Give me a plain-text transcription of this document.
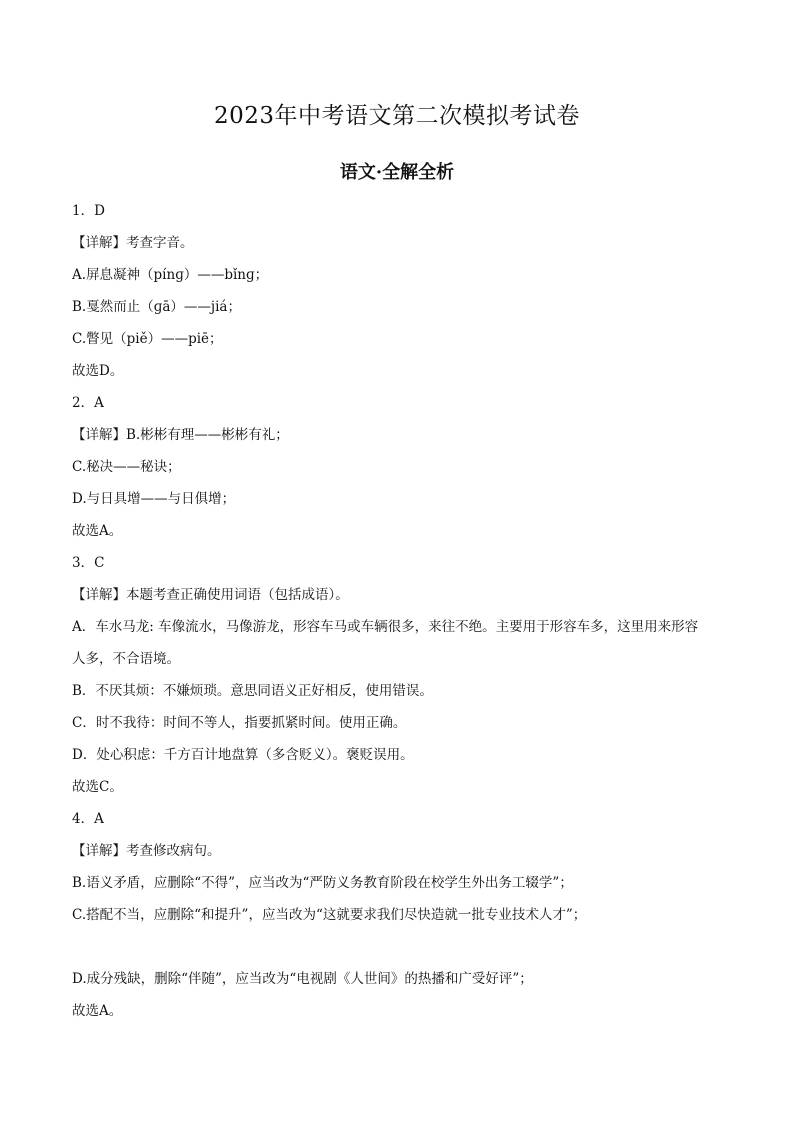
2023年中考语文第二次模拟考试卷
语文·全解全析
1．D
【详解】考查字音。
A.屏息凝神（pínɡ）——bǐnɡ；
B.戛然而止（ɡā）——jiá；
C.瞥见（piě）——piē；
故选D。
2．A
【详解】B.彬彬有理——彬彬有礼；
C.秘决——秘诀；
D.与日具增——与日俱增；
故选A。
3．C
【详解】本题考查正确使用词语（包括成语）。
A．车水马龙: 车像流水，马像游龙，形容车马或车辆很多，来往不绝。主要用于形容车多，这里用来形容
人多，不合语境。
B．不厌其烦：不嫌烦琐。意思同语义正好相反，使用错误。
C．时不我待：时间不等人，指要抓紧时间。使用正确。
D．处心积虑：千方百计地盘算（多含贬义）。褒贬误用。
故选C。
4．A
【详解】考查修改病句。
B.语义矛盾，应删除“不得”，应当改为“严防义务教育阶段在校学生外出务工辍学”；
C.搭配不当，应删除“和提升”，应当改为“这就要求我们尽快造就一批专业技术人才”；
D.成分残缺，删除“伴随”，应当改为“电视剧《人世间》的热播和广受好评”；
故选A。
